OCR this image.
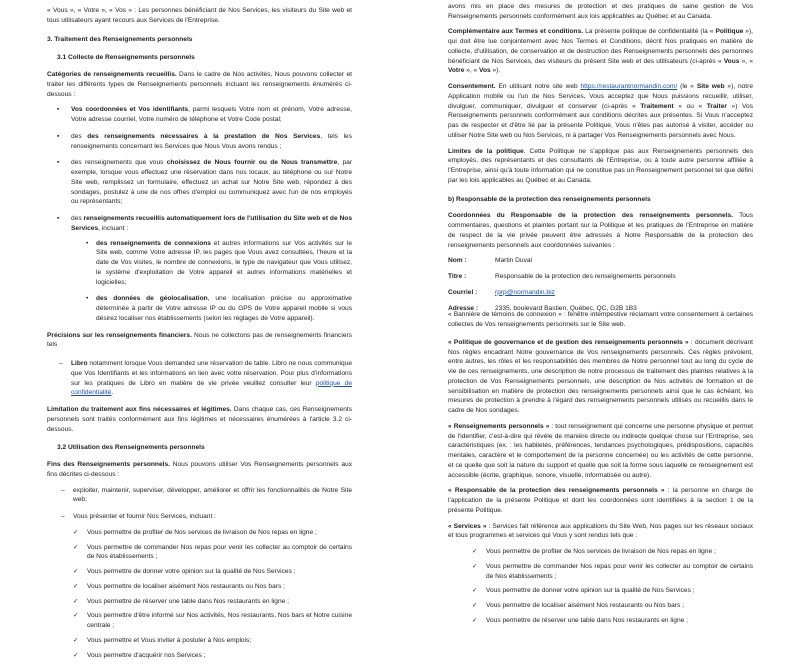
« Vous », « Votre », « Vos » : Les personnes bénéficiant de Nos Services, les visiteurs du Site web et tous utilisateurs ayant recours aux Services de l'Entreprise.

3. Traitement des Renseignements personnels
3.1 Collecte de Renseignements personnels

Catégories de renseignements recueillis. Dans le cadre de Nos activités, Nous pouvons collecter et traiter les différents types de Renseignements personnels incluant les renseignements énumérés ci-dessous :

▪ Vos coordonnées et Vos identifiants, parmi lesquels Votre nom et prénom, Votre adresse, Votre adresse courriel, Votre numéro de téléphone et Votre Code postal;
▪ des des renseignements nécessaires à la prestation de Nos Services, tels les renseignements concernant les Services que Nous Vous avons rendus ;
▪ des renseignements que vous choisissez de Nous fournir ou de Nous transmettre, par exemple, lorsque vous effectuez une réservation dans nos locaux, au téléphone ou sur Notre Site web, remplissez un formulaire, effectuez un achat sur Notre Site web, répondez à des sondages, postulez à une de nos offres d'emploi ou communiquez avec l'un de nos employés ou représentants;
▪ des renseignements recueillis automatiquement lors de l'utilisation du Site web et de Nos Services, incluant :
• des renseignements de connexions et autres informations sur Vos activités sur le Site web, comme Votre adresse IP, les pages que Vous avez consultées, l'heure et la date de Vos visites, le nombre de connexions, le type de navigateur que Vous utilisez, le système d'exploitation de Votre appareil et autres informations matérielles et logicielles;
• des données de géolocalisation, une localisation précise ou approximative déterminée à partir de Votre adresse IP ou du GPS de Votre appareil mobile si vous désirez localiser nos établissements (selon les réglages de Votre appareil).

Précisions sur les renseignements financiers. Nous ne collectons pas de renseignements financiers tels

– Libro notamment lorsque Vous demandez une réservation de table. Libro ne nous communique que Vos Identifiants et les informations en lien avec votre réservation. Pour plus d'informations sur les pratiques de Libro en matière de vie privée veuillez consulter leur politique de confidentialité.

Limitation du traitement aux fins nécessaires et légitimes. Dans chaque cas, ces Renseignements personnels sont traités conformément aux fins légitimes et nécessaires énumérées à l'article 3.2 ci-dessous.

3.2 Utilisation des Renseignements personnels

Fins des Renseignements personnels. Nous pouvons utiliser Vos Renseignements personnels aux fins décrites ci-dessous :

– exploiter, maintenir, superviser, développer, améliorer et offrir les fonctionnalités de Notre Site web;
– Vous présenter et fournir Nos Services, incluant :
✓ Vous permettre de profiter de Nos services de livraison de Nos repas en ligne ;
✓ Vous permettre de commander Nos repas pour venir les collecter au comptoir de certains de Nos établissements ;
✓ Vous permettre de donner votre opinion sur la qualité de Nos Services ;
✓ Vous permettre de localiser aisément Nos restaurants ou Nos bars ;
✓ Vous permettre de réserver une table dans Nos restaurants en ligne ;
✓ Vous permettre d'être informé sur Nos activités, Nos restaurants, Nos bars et Notre cuisine centrale ;
✓ Vous permettre et Vous inviter à postuler à Nos emplois;
✓ Vous permettre d'acquérir nos Services ;

avons mis en place des mesures de protection et des pratiques de saine gestion de Vos Renseignements personnels conformément aux lois applicables au Québec et au Canada.

Complémentaire aux Termes et conditions. La présente politique de confidentialité (la « Politique »), qui doit être lue conjointement avec Nos Termes et Conditions, décrit Nos pratiques en matière de collecte, d'utilisation, de conservation et de destruction des Renseignements personnels des personnes bénéficiant de Nos Services, des visiteurs du présent Site web et des utilisateurs (ci-après « Vous », « Votre », « Vos »).

Consentement. En utilisant notre site web https://restaurantnormandin.com/ (le « Site web »), notre Application mobile ou l'un de Nos Services, Vous acceptez que Nous puissions recueillir, utiliser, divulguer, communiquer, divulguer et conserver (ci-après « Traitement » ou « Traiter ») Vos Renseignements personnels conformément aux conditions décrites aux présentes. Si Vous n'acceptez pas de respecter et d'être lié par la présente Politique, Vous n'êtes pas autorisé à visiter, accéder ou utiliser Notre Site web ou Nos Services, ni à partager Vos Renseignements personnels avec Nous.

Limites de la politique. Cette Politique ne s'applique pas aux Renseignements personnels des employés, des représentants et des consultants de l'Entreprise, ou à toute autre personne affiliée à l'Entreprise, ainsi qu'à toute information qui ne constitue pas un Renseignement personnel tel que défini par les lois applicables au Québec et au Canada.

b) Responsable de la protection des renseignements personnels

Coordonnées du Responsable de la protection des renseignements personnels. Tous commentaires, questions et plaintes portant sur la Politique et les pratiques de l'Entreprise en matière de respect de la vie privée peuvent être adressés à Notre Responsable de la protection des renseignements personnels aux coordonnées suivantes :

Nom :	Martin Duval
Titre :	Responsable de la protection des renseignements personnels
Courriel :	rprp@normandin.biz
Adresse :	2335, boulevard Bastien, Québec, QC, G2B 1B3

« Bannière de témoins de connexion » : fenêtre intempestive réclamant votre consentement à certaines collectes de Vos renseignements personnels sur le Site web.

« Politique de gouvernance et de gestion des renseignements personnels » : document décrivant Nos règles encadrant Notre gouvernance de Vos renseignements personnels. Ces règles prévoient, entre autres, les rôles et les responsabilités des membres de Notre personnel tout au long du cycle de vie de ces renseignements, une description de notre processus de traitement des plaintes relatives à la protection de Vos Renseignements personnels, une description de Nos activités de formation et de sensibilisation en matière de protection des renseignements personnels ainsi que le cas échéant, les mesures de protection à prendre à l'égard des renseignements personnels utilisés ou recueillis dans le cadre de Nos sondages.

« Renseignements personnels » : tout renseignement qui concerne une personne physique et permet de l'identifier, c'est-à-dire qui révèle de manière directe ou indirecte quelque chose sur l'Entreprise, ses caractéristiques (ex. : les habiletés, préférences, tendances psychologiques, prédispositions, capacités mentales, caractère et le comportement de la personne concernée) ou les activités de cette personne, et ce quelle que soit la nature du support et quelle que soit la forme sous laquelle ce renseignement est accessible (écrite, graphique, sonore, visuelle, informatisée ou autre).

« Responsable de la protection des renseignements personnels » : la personne en charge de l'application de la présente Politique et dont les coordonnées sont identifiées à la section 1 de la présente Politique.

« Services » : Services fait référence aux applications du Site Web, Nos pages sur les réseaux sociaux et tous programmes et services qui Vous y sont rendus tels que :

✓ Vous permettre de profiter de Nos services de livraison de Nos repas en ligne ;
✓ Vous permettre de commander Nos repas pour venir les collecter au comptoir de certains de Nos établissements ;
✓ Vous permettre de donner votre opinion sur la qualité de Nos Services ;
✓ Vous permettre de localiser aisément Nos restaurants ou Nos bars ;
✓ Vous permettre de réserver une table dans Nos restaurants en ligne ;
